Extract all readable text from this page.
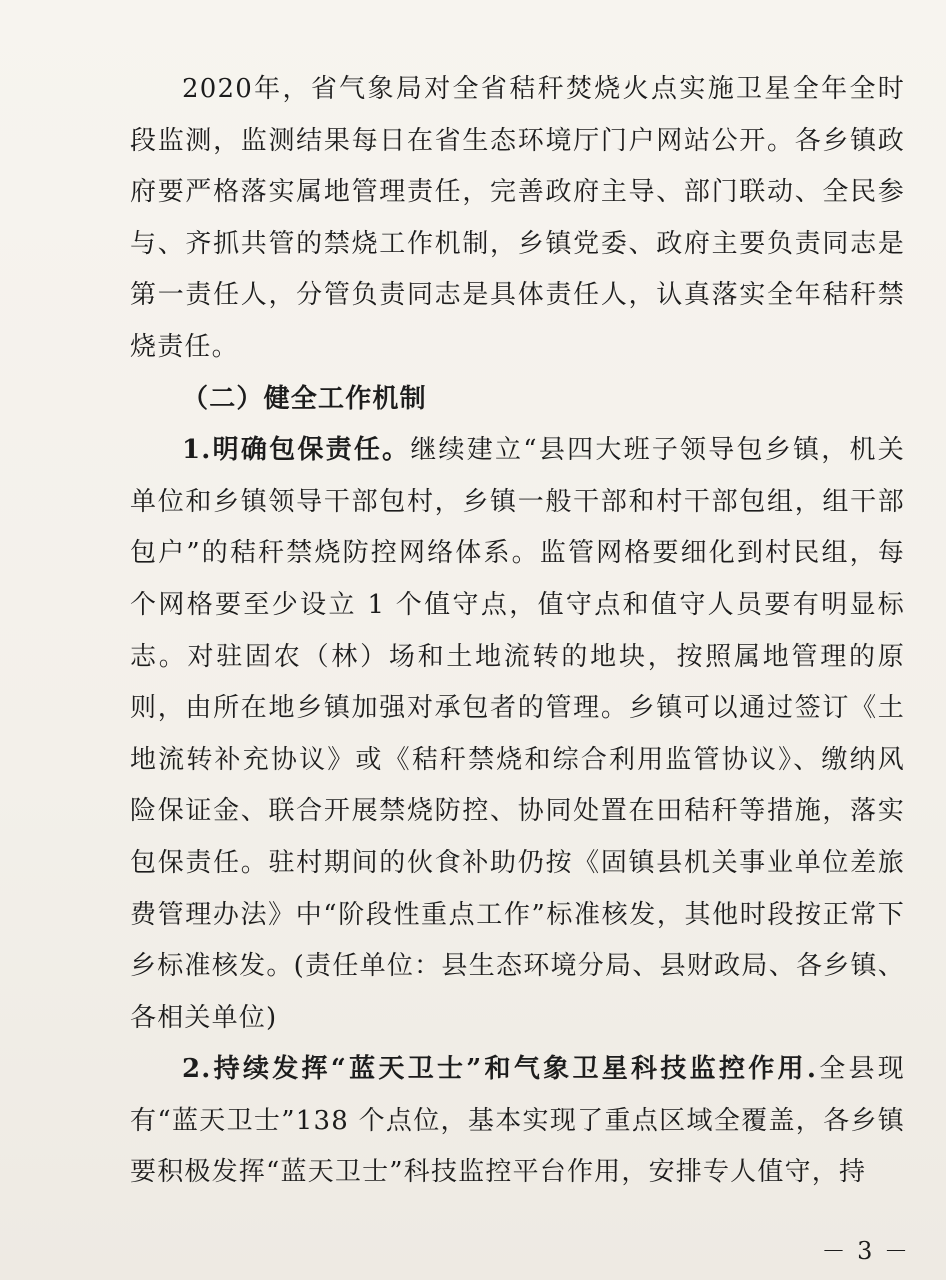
2020年，省气象局对全省秸秆焚烧火点实施卫星全年全时段监测，监测结果每日在省生态环境厅门户网站公开。各乡镇政府要严格落实属地管理责任，完善政府主导、部门联动、全民参与、齐抓共管的禁烧工作机制，乡镇党委、政府主要负责同志是第一责任人，分管负责同志是具体责任人，认真落实全年秸秆禁烧责任。

（二）健全工作机制

1.明确包保责任。继续建立“县四大班子领导包乡镇，机关单位和乡镇领导干部包村，乡镇一般干部和村干部包组，组干部包户”的秸秆禁烧防控网络体系。监管网格要细化到村民组，每个网格要至少设立 1 个值守点，值守点和值守人员要有明显标志。对驻固农（林）场和土地流转的地块，按照属地管理的原则，由所在地乡镇加强对承包者的管理。乡镇可以通过签订《土地流转补充协议》或《秸秆禁烧和综合利用监管协议》、缴纳风险保证金、联合开展禁烧防控、协同处置在田秸秆等措施，落实包保责任。驻村期间的伙食补助仍按《固镇县机关事业单位差旅费管理办法》中“阶段性重点工作”标准核发，其他时段按正常下乡标准核发。(责任单位：县生态环境分局、县财政局、各乡镇、各相关单位)

2.持续发挥“蓝天卫士”和气象卫星科技监控作用.全县现有“蓝天卫士”138 个点位，基本实现了重点区域全覆盖，各乡镇要积极发挥“蓝天卫士”科技监控平台作用，安排专人值守，持

－ 3 －
